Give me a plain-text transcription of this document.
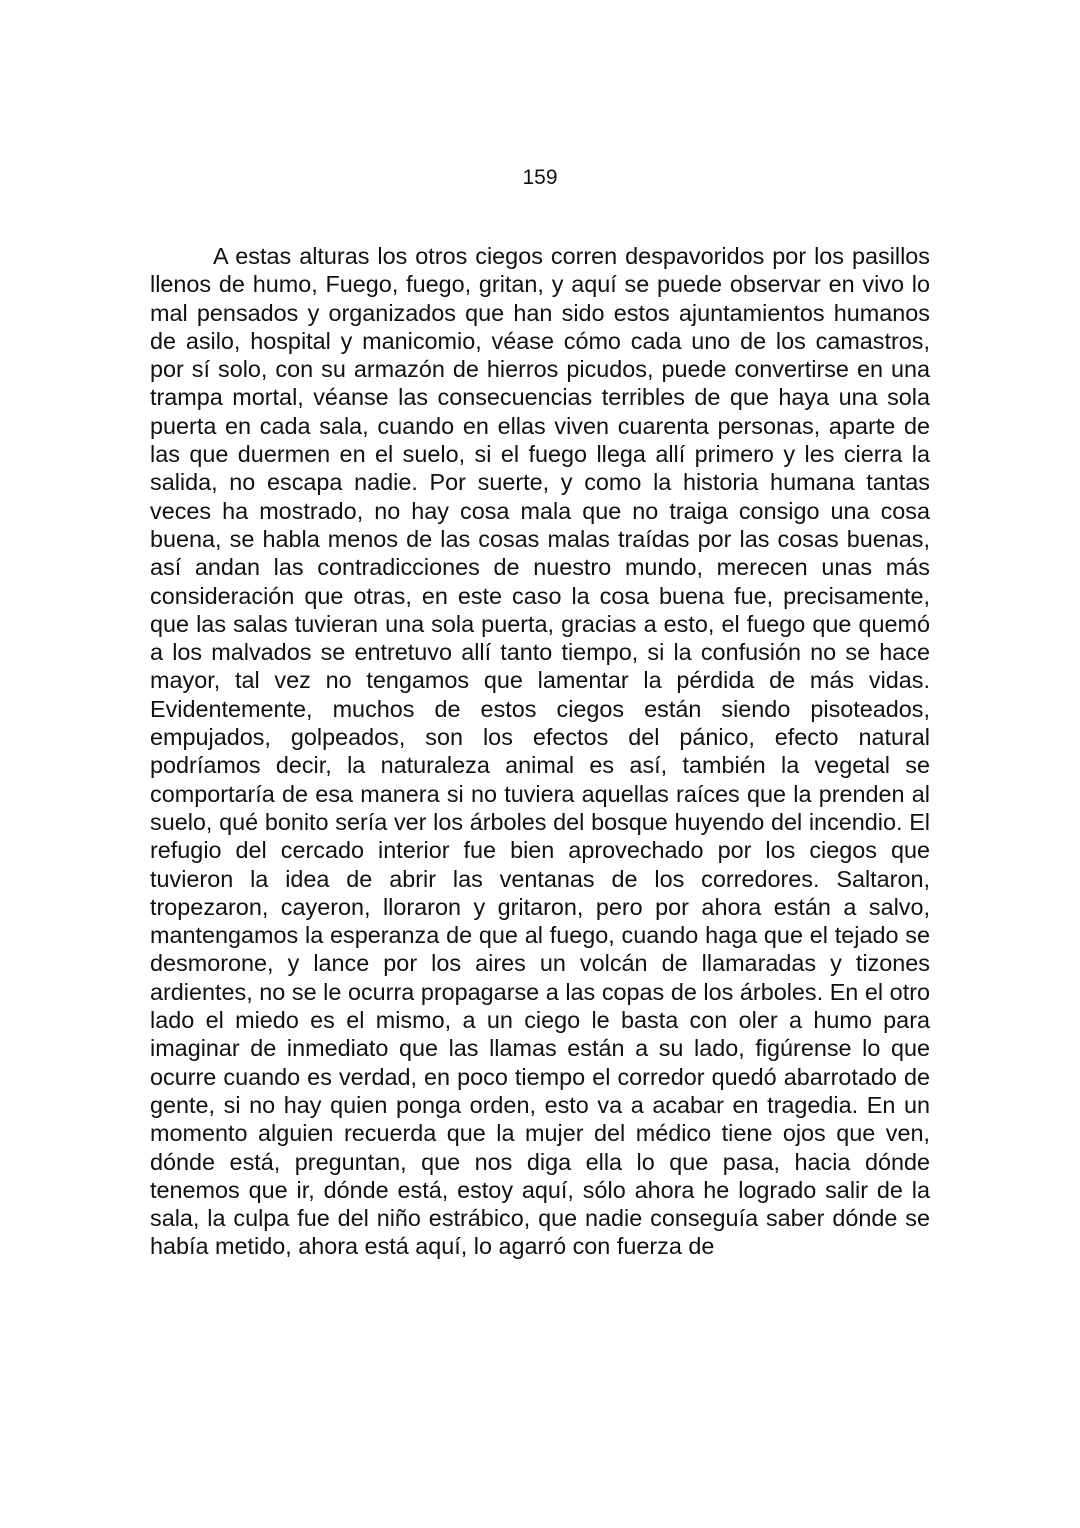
159

A estas alturas los otros ciegos corren despavoridos por los pasillos llenos de humo, Fuego, fuego, gritan, y aquí se puede observar en vivo lo mal pensados y organizados que han sido estos ajuntamientos humanos de asilo, hospital y manicomio, véase cómo cada uno de los camastros, por sí solo, con su armazón de hierros picudos, puede convertirse en una trampa mortal, véanse las consecuencias terribles de que haya una sola puerta en cada sala, cuando en ellas viven cuarenta personas, aparte de las que duermen en el suelo, si el fuego llega allí primero y les cierra la salida, no escapa nadie. Por suerte, y como la historia humana tantas veces ha mostrado, no hay cosa mala que no traiga consigo una cosa buena, se habla menos de las cosas malas traídas por las cosas buenas, así andan las contradicciones de nuestro mundo, merecen unas más consideración que otras, en este caso la cosa buena fue, precisamente, que las salas tuvieran una sola puerta, gracias a esto, el fuego que quemó a los malvados se entretuvo allí tanto tiempo, si la confusión no se hace mayor, tal vez no tengamos que lamentar la pérdida de más vidas. Evidentemente, muchos de estos ciegos están siendo pisoteados, empujados, golpeados, son los efectos del pánico, efecto natural podríamos decir, la naturaleza animal es así, también la vegetal se comportaría de esa manera si no tuviera aquellas raíces que la prenden al suelo, qué bonito sería ver los árboles del bosque huyendo del incendio. El refugio del cercado interior fue bien aprovechado por los ciegos que tuvieron la idea de abrir las ventanas de los corredores. Saltaron, tropezaron, cayeron, lloraron y gritaron, pero por ahora están a salvo, mantengamos la esperanza de que al fuego, cuando haga que el tejado se desmorone, y lance por los aires un volcán de llamaradas y tizones ardientes, no se le ocurra propagarse a las copas de los árboles. En el otro lado el miedo es el mismo, a un ciego le basta con oler a humo para imaginar de inmediato que las llamas están a su lado, figúrense lo que ocurre cuando es verdad, en poco tiempo el corredor quedó abarrotado de gente, si no hay quien ponga orden, esto va a acabar en tragedia. En un momento alguien recuerda que la mujer del médico tiene ojos que ven, dónde está, preguntan, que nos diga ella lo que pasa, hacia dónde tenemos que ir, dónde está, estoy aquí, sólo ahora he logrado salir de la sala, la culpa fue del niño estrábico, que nadie conseguía saber dónde se había metido, ahora está aquí, lo agarró con fuerza de
